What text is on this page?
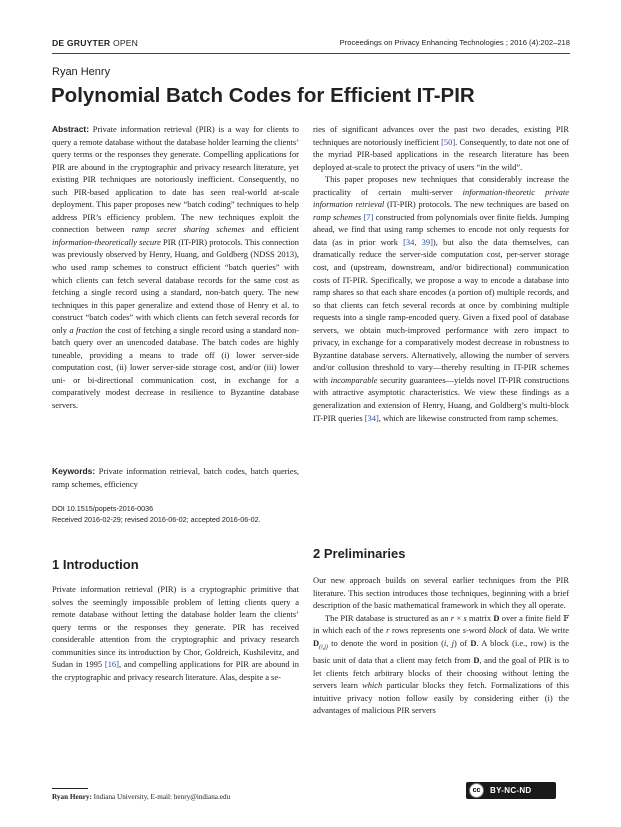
DE GRUYTER OPEN	Proceedings on Privacy Enhancing Technologies ; 2016 (4):202–218
Ryan Henry
Polynomial Batch Codes for Efficient IT-PIR

Abstract: Private information retrieval (PIR) is a way for clients to query a remote database without the database holder learning the clients’ query terms or the responses they generate. Compelling applications for PIR are abound in the cryptographic and privacy research literature, yet existing PIR techniques are notoriously inefficient. Consequently, no such PIR-based application to date has seen real-world at-scale deployment. This paper proposes new “batch coding” techniques to help address PIR’s efficiency problem. The new techniques exploit the connection between ramp secret sharing schemes and efficient information-theoretically secure PIR (IT-PIR) protocols. This connection was previously observed by Henry, Huang, and Goldberg (NDSS 2013), who used ramp schemes to construct efficient “batch queries” with which clients can fetch several database records for the same cost as fetching a single record using a standard, non-batch query. The new techniques in this paper generalize and extend those of Henry et al. to construct “batch codes” with which clients can fetch several records for only a fraction the cost of fetching a single record using a standard non-batch query over an unencoded database. The batch codes are highly tuneable, providing a means to trade off (i) lower server-side computation cost, (ii) lower server-side storage cost, and/or (iii) lower uni- or bi-directional communication cost, in exchange for a comparatively modest decrease in resilience to Byzantine database servers.

Keywords: Private information retrieval, batch codes, batch queries, ramp schemes, efficiency
DOI 10.1515/popets-2016-0036
Received 2016-02-29; revised 2016-06-02; accepted 2016-06-02.
1 Introduction

Private information retrieval (PIR) is a cryptographic primitive that solves the seemingly impossible problem of letting clients query a remote database without letting the database holder learn the clients’ query terms or the responses they generate. PIR has received considerable attention from the cryptographic and privacy research communities since its introduction by Chor, Goldreich, Kushilevitz, and Sudan in 1995 [16], and compelling applications for PIR are abound in the cryptographic and privacy research literature. Alas, despite a se-

ries of significant advances over the past two decades, existing PIR techniques are notoriously inefficient [50]. Consequently, to date not one of the myriad PIR-based applications in the research literature has been deployed at-scale to protect the privacy of users “in the wild”.

This paper proposes new techniques that considerably increase the practicality of certain multi-server information-theoretic private information retrieval (IT-PIR) protocols. The new techniques are based on ramp schemes [7] constructed from polynomials over finite fields. Jumping ahead, we find that using ramp schemes to encode not only requests for data (as in prior work [34, 39]), but also the data themselves, can dramatically reduce the server-side computation cost, per-server storage cost, and (upstream, downstream, and/or bidirectional) communication costs of IT-PIR. Specifically, we propose a way to encode a database into ramp shares so that each share encodes (a portion of) multiple records, and so that clients can fetch several records at once by combining multiple requests into a single ramp-encoded query. Given a fixed pool of database servers, we obtain much-improved performance with zero impact to privacy, in exchange for a comparatively modest decrease in robustness to Byzantine database servers. Alternatively, allowing the number of servers and/or collusion threshold to vary—thereby resulting in IT-PIR schemes with incomparable security guarantees—yields novel IT-PIR constructions with attractive asymptotic characteristics. We view these findings as a generalization and extension of Henry, Huang, and Goldberg’s multi-block IT-PIR queries [34], which are likewise constructed from ramp schemes.

2 Preliminaries

Our new approach builds on several earlier techniques from the PIR literature. This section introduces those techniques, beginning with a brief description of the basic mathematical framework in which they all operate.

The PIR database is structured as an r × s matrix D over a finite field 𝔽 in which each of the r rows represents one s-word block of data. We write $D_{(i,j)}$ to denote the word in position (i, j) of D. A block (i.e., row) is the basic unit of data that a client may fetch from D, and the goal of PIR is to let clients fetch arbitrary blocks of their choosing without letting the servers learn which particular blocks they fetch. Formalizations of this intuitive privacy notion follow easily by considering either (i) the advantages of malicious PIR servers

Ryan Henry: Indiana University, E-mail: henry@indiana.edu
cc	BY-NC-ND
